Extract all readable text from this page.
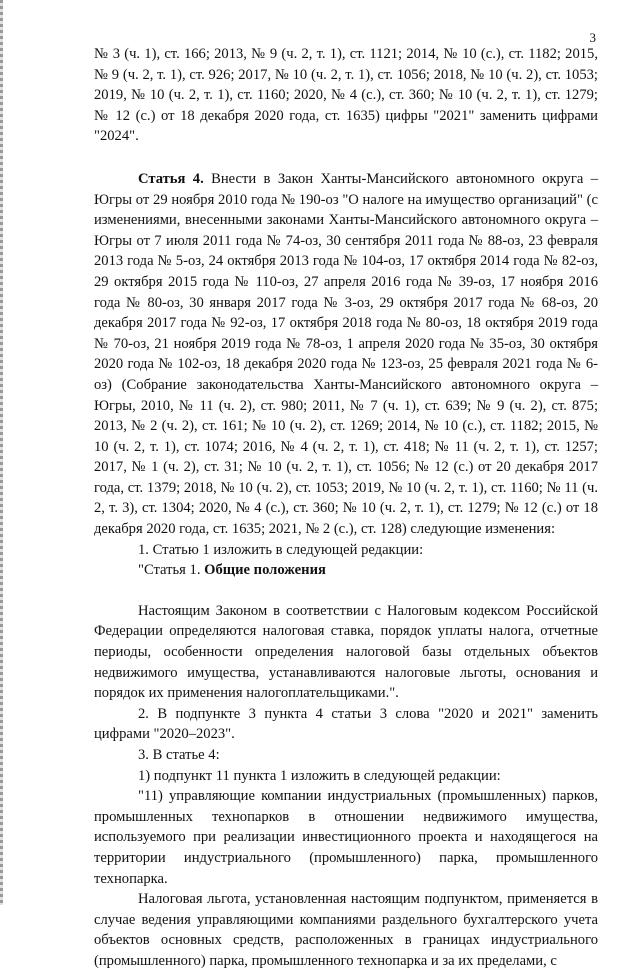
3

№ 3 (ч. 1), ст. 166; 2013, № 9 (ч. 2, т. 1), ст. 1121; 2014, № 10 (с.), ст. 1182; 2015, № 9 (ч. 2, т. 1), ст. 926; 2017, № 10 (ч. 2, т. 1), ст. 1056; 2018, № 10 (ч. 2), ст. 1053; 2019, № 10 (ч. 2, т. 1), ст. 1160; 2020, № 4 (с.), ст. 360; № 10 (ч. 2, т. 1), ст. 1279; № 12 (с.) от 18 декабря 2020 года, ст. 1635) цифры "2021" заменить цифрами "2024".

Статья 4. Внести в Закон Ханты-Мансийского автономного округа – Югры от 29 ноября 2010 года № 190-оз "О налоге на имущество организаций" (с изменениями, внесенными законами Ханты-Мансийского автономного округа – Югры от 7 июля 2011 года № 74-оз, 30 сентября 2011 года № 88-оз, 23 февраля 2013 года № 5-оз, 24 октября 2013 года № 104-оз, 17 октября 2014 года № 82-оз, 29 октября 2015 года № 110-оз, 27 апреля 2016 года № 39-оз, 17 ноября 2016 года № 80-оз, 30 января 2017 года № 3-оз, 29 октября 2017 года № 68-оз, 20 декабря 2017 года № 92-оз, 17 октября 2018 года № 80-оз, 18 октября 2019 года № 70-оз, 21 ноября 2019 года № 78-оз, 1 апреля 2020 года № 35-оз, 30 октября 2020 года № 102-оз, 18 декабря 2020 года № 123-оз, 25 февраля 2021 года № 6-оз) (Собрание законодательства Ханты-Мансийского автономного округа – Югры, 2010, № 11 (ч. 2), ст. 980; 2011, № 7 (ч. 1), ст. 639; № 9 (ч. 2), ст. 875; 2013, № 2 (ч. 2), ст. 161; № 10 (ч. 2), ст. 1269; 2014, № 10 (с.), ст. 1182; 2015, № 10 (ч. 2, т. 1), ст. 1074; 2016, № 4 (ч. 2, т. 1), ст. 418; № 11 (ч. 2, т. 1), ст. 1257; 2017, № 1 (ч. 2), ст. 31; № 10 (ч. 2, т. 1), ст. 1056; № 12 (с.) от 20 декабря 2017 года, ст. 1379; 2018, № 10 (ч. 2), ст. 1053; 2019, № 10 (ч. 2, т. 1), ст. 1160; № 11 (ч. 2, т. 3), ст. 1304; 2020, № 4 (с.), ст. 360; № 10 (ч. 2, т. 1), ст. 1279; № 12 (с.) от 18 декабря 2020 года, ст. 1635; 2021, № 2 (с.), ст. 128) следующие изменения:

1. Статью 1 изложить в следующей редакции:

"Статья 1. Общие положения

Настоящим Законом в соответствии с Налоговым кодексом Российской Федерации определяются налоговая ставка, порядок уплаты налога, отчетные периоды, особенности определения налоговой базы отдельных объектов недвижимого имущества, устанавливаются налоговые льготы, основания и порядок их применения налогоплательщиками.".

2. В подпункте 3 пункта 4 статьи 3 слова "2020 и 2021" заменить цифрами "2020–2023".

3. В статье 4:

1) подпункт 11 пункта 1 изложить в следующей редакции:

"11) управляющие компании индустриальных (промышленных) парков, промышленных технопарков в отношении недвижимого имущества, используемого при реализации инвестиционного проекта и находящегося на территории индустриального (промышленного) парка, промышленного технопарка.

Налоговая льгота, установленная настоящим подпунктом, применяется в случае ведения управляющими компаниями раздельного бухгалтерского учета объектов основных средств, расположенных в границах индустриального (промышленного) парка, промышленного технопарка и за их пределами, с
